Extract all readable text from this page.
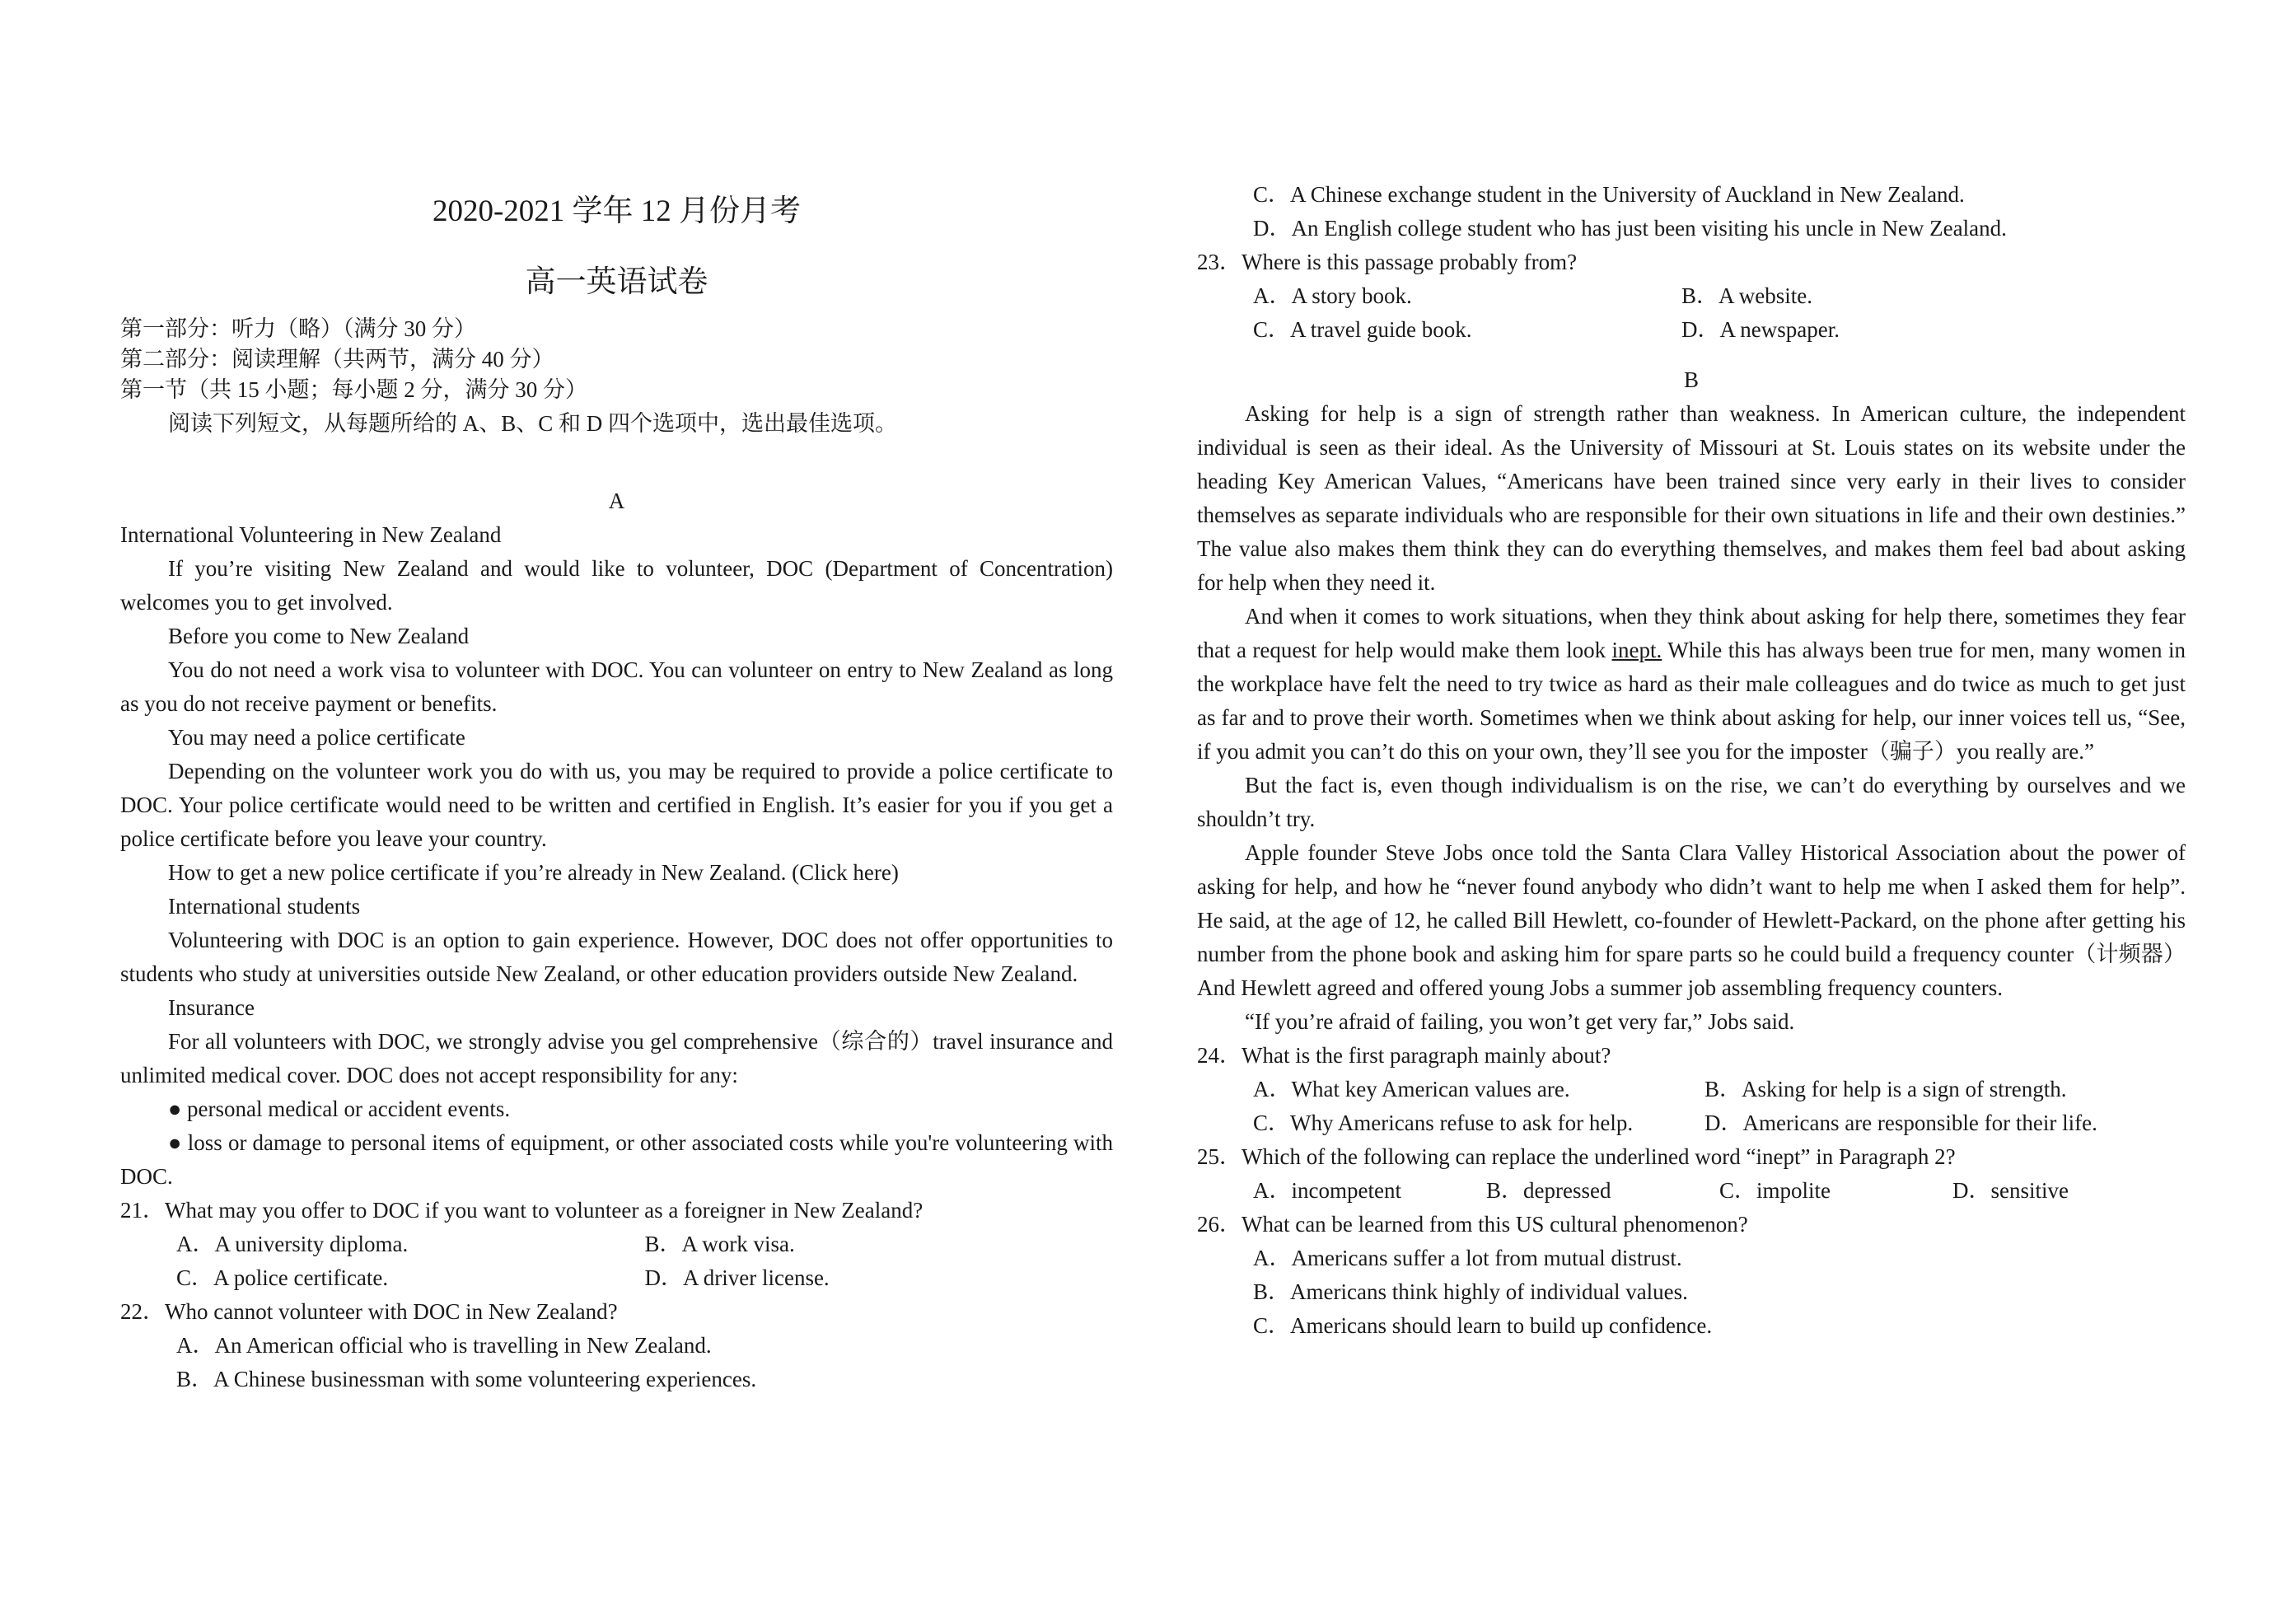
2020-2021 学年 12 月份月考
高一英语试卷

第一部分：听力（略）（满分 30 分）

第二部分：阅读理解（共两节，满分 40 分）

第一节（共 15 小题；每小题 2 分，满分 30 分）

阅读下列短文，从每题所给的 A、B、C 和 D 四个选项中，选出最佳选项。

A

International Volunteering in New Zealand

If you’re visiting New Zealand and would like to volunteer, DOC (Department of Concentration) welcomes you to get involved.

Before you come to New Zealand

You do not need a work visa to volunteer with DOC. You can volunteer on entry to New Zealand as long as you do not receive payment or benefits.

You may need a police certificate

Depending on the volunteer work you do with us, you may be required to provide a police certificate to DOC. Your police certificate would need to be written and certified in English. It’s easier for you if you get a police certificate before you leave your country.

How to get a new police certificate if you’re already in New Zealand. (Click here)

International students

Volunteering with DOC is an option to gain experience. However, DOC does not offer opportunities to students who study at universities outside New Zealand, or other education providers outside New Zealand.

Insurance

For all volunteers with DOC, we strongly advise you gel comprehensive（综合的）travel insurance and unlimited medical cover. DOC does not accept responsibility for any:

● personal medical or accident events.

● loss or damage to personal items of equipment, or other associated costs while you're volunteering with DOC.

21．What may you offer to DOC if you want to volunteer as a foreigner in New Zealand?

A．A university diploma.	B．A work visa.
C．A police certificate.	D．A driver license.

22．Who cannot volunteer with DOC in New Zealand?

A．An American official who is travelling in New Zealand.

B．A Chinese businessman with some volunteering experiences.

C．A Chinese exchange student in the University of Auckland in New Zealand.

D．An English college student who has just been visiting his uncle in New Zealand.

23．Where is this passage probably from?

A．A story book.	B．A website.
C．A travel guide book.	D．A newspaper.

B

Asking for help is a sign of strength rather than weakness. In American culture, the independent individual is seen as their ideal. As the University of Missouri at St. Louis states on its website under the heading Key American Values, “Americans have been trained since very early in their lives to consider themselves as separate individuals who are responsible for their own situations in life and their own destinies.” The value also makes them think they can do everything themselves, and makes them feel bad about asking for help when they need it.

And when it comes to work situations, when they think about asking for help there, sometimes they fear that a request for help would make them look inept. While this has always been true for men, many women in the workplace have felt the need to try twice as hard as their male colleagues and do twice as much to get just as far and to prove their worth. Sometimes when we think about asking for help, our inner voices tell us, “See, if you admit you can’t do this on your own, they’ll see you for the imposter（骗子）you really are.”

But the fact is, even though individualism is on the rise, we can’t do everything by ourselves and we shouldn’t try.

Apple founder Steve Jobs once told the Santa Clara Valley Historical Association about the power of asking for help, and how he “never found anybody who didn’t want to help me when I asked them for help”. He said, at the age of 12, he called Bill Hewlett, co-founder of Hewlett-Packard, on the phone after getting his number from the phone book and asking him for spare parts so he could build a frequency counter（计频器）And Hewlett agreed and offered young Jobs a summer job assembling frequency counters.

“If you’re afraid of failing, you won’t get very far,” Jobs said.

24．What is the first paragraph mainly about?

A．What key American values are.	B．Asking for help is a sign of strength.
C．Why Americans refuse to ask for help.	D．Americans are responsible for their life.

25．Which of the following can replace the underlined word “inept” in Paragraph 2?

A．incompetent	B．depressed	C．impolite	D．sensitive

26．What can be learned from this US cultural phenomenon?

A．Americans suffer a lot from mutual distrust.

B．Americans think highly of individual values.

C．Americans should learn to build up confidence.
